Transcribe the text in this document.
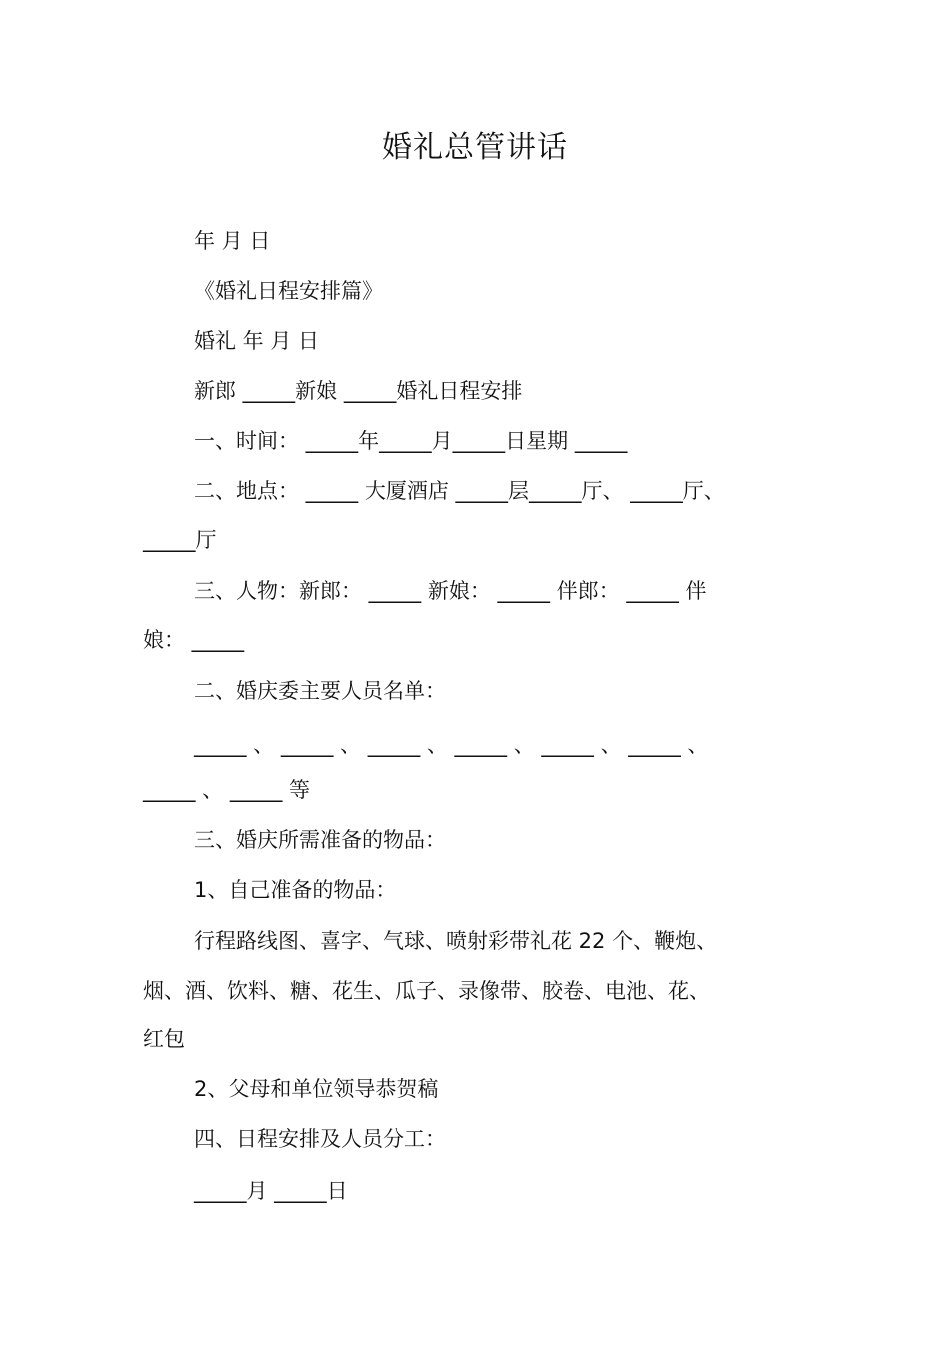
婚礼总管讲话
年 月 日
《婚礼日程安排篇》
婚礼 年 月 日
新郎 _____新娘 _____婚礼日程安排
一、时间： _____年_____月_____日星期 _____
二、地点： _____ 大厦酒店 _____层_____厅、 _____厅、
_____厅
三、人物：新郎： _____ 新娘： _____ 伴郎： _____ 伴
娘： _____
二、婚庆委主要人员名单：
_____ 、 _____ 、 _____ 、 _____ 、 _____ 、 _____ 、
_____ 、 _____ 等
三、婚庆所需准备的物品：
1、自己准备的物品：
行程路线图、喜字、气球、喷射彩带礼花 22 个、鞭炮、
烟、酒、饮料、糖、花生、瓜子、录像带、胶卷、电池、花、
红包
2、父母和单位领导恭贺稿
四、日程安排及人员分工：
_____月 _____日
